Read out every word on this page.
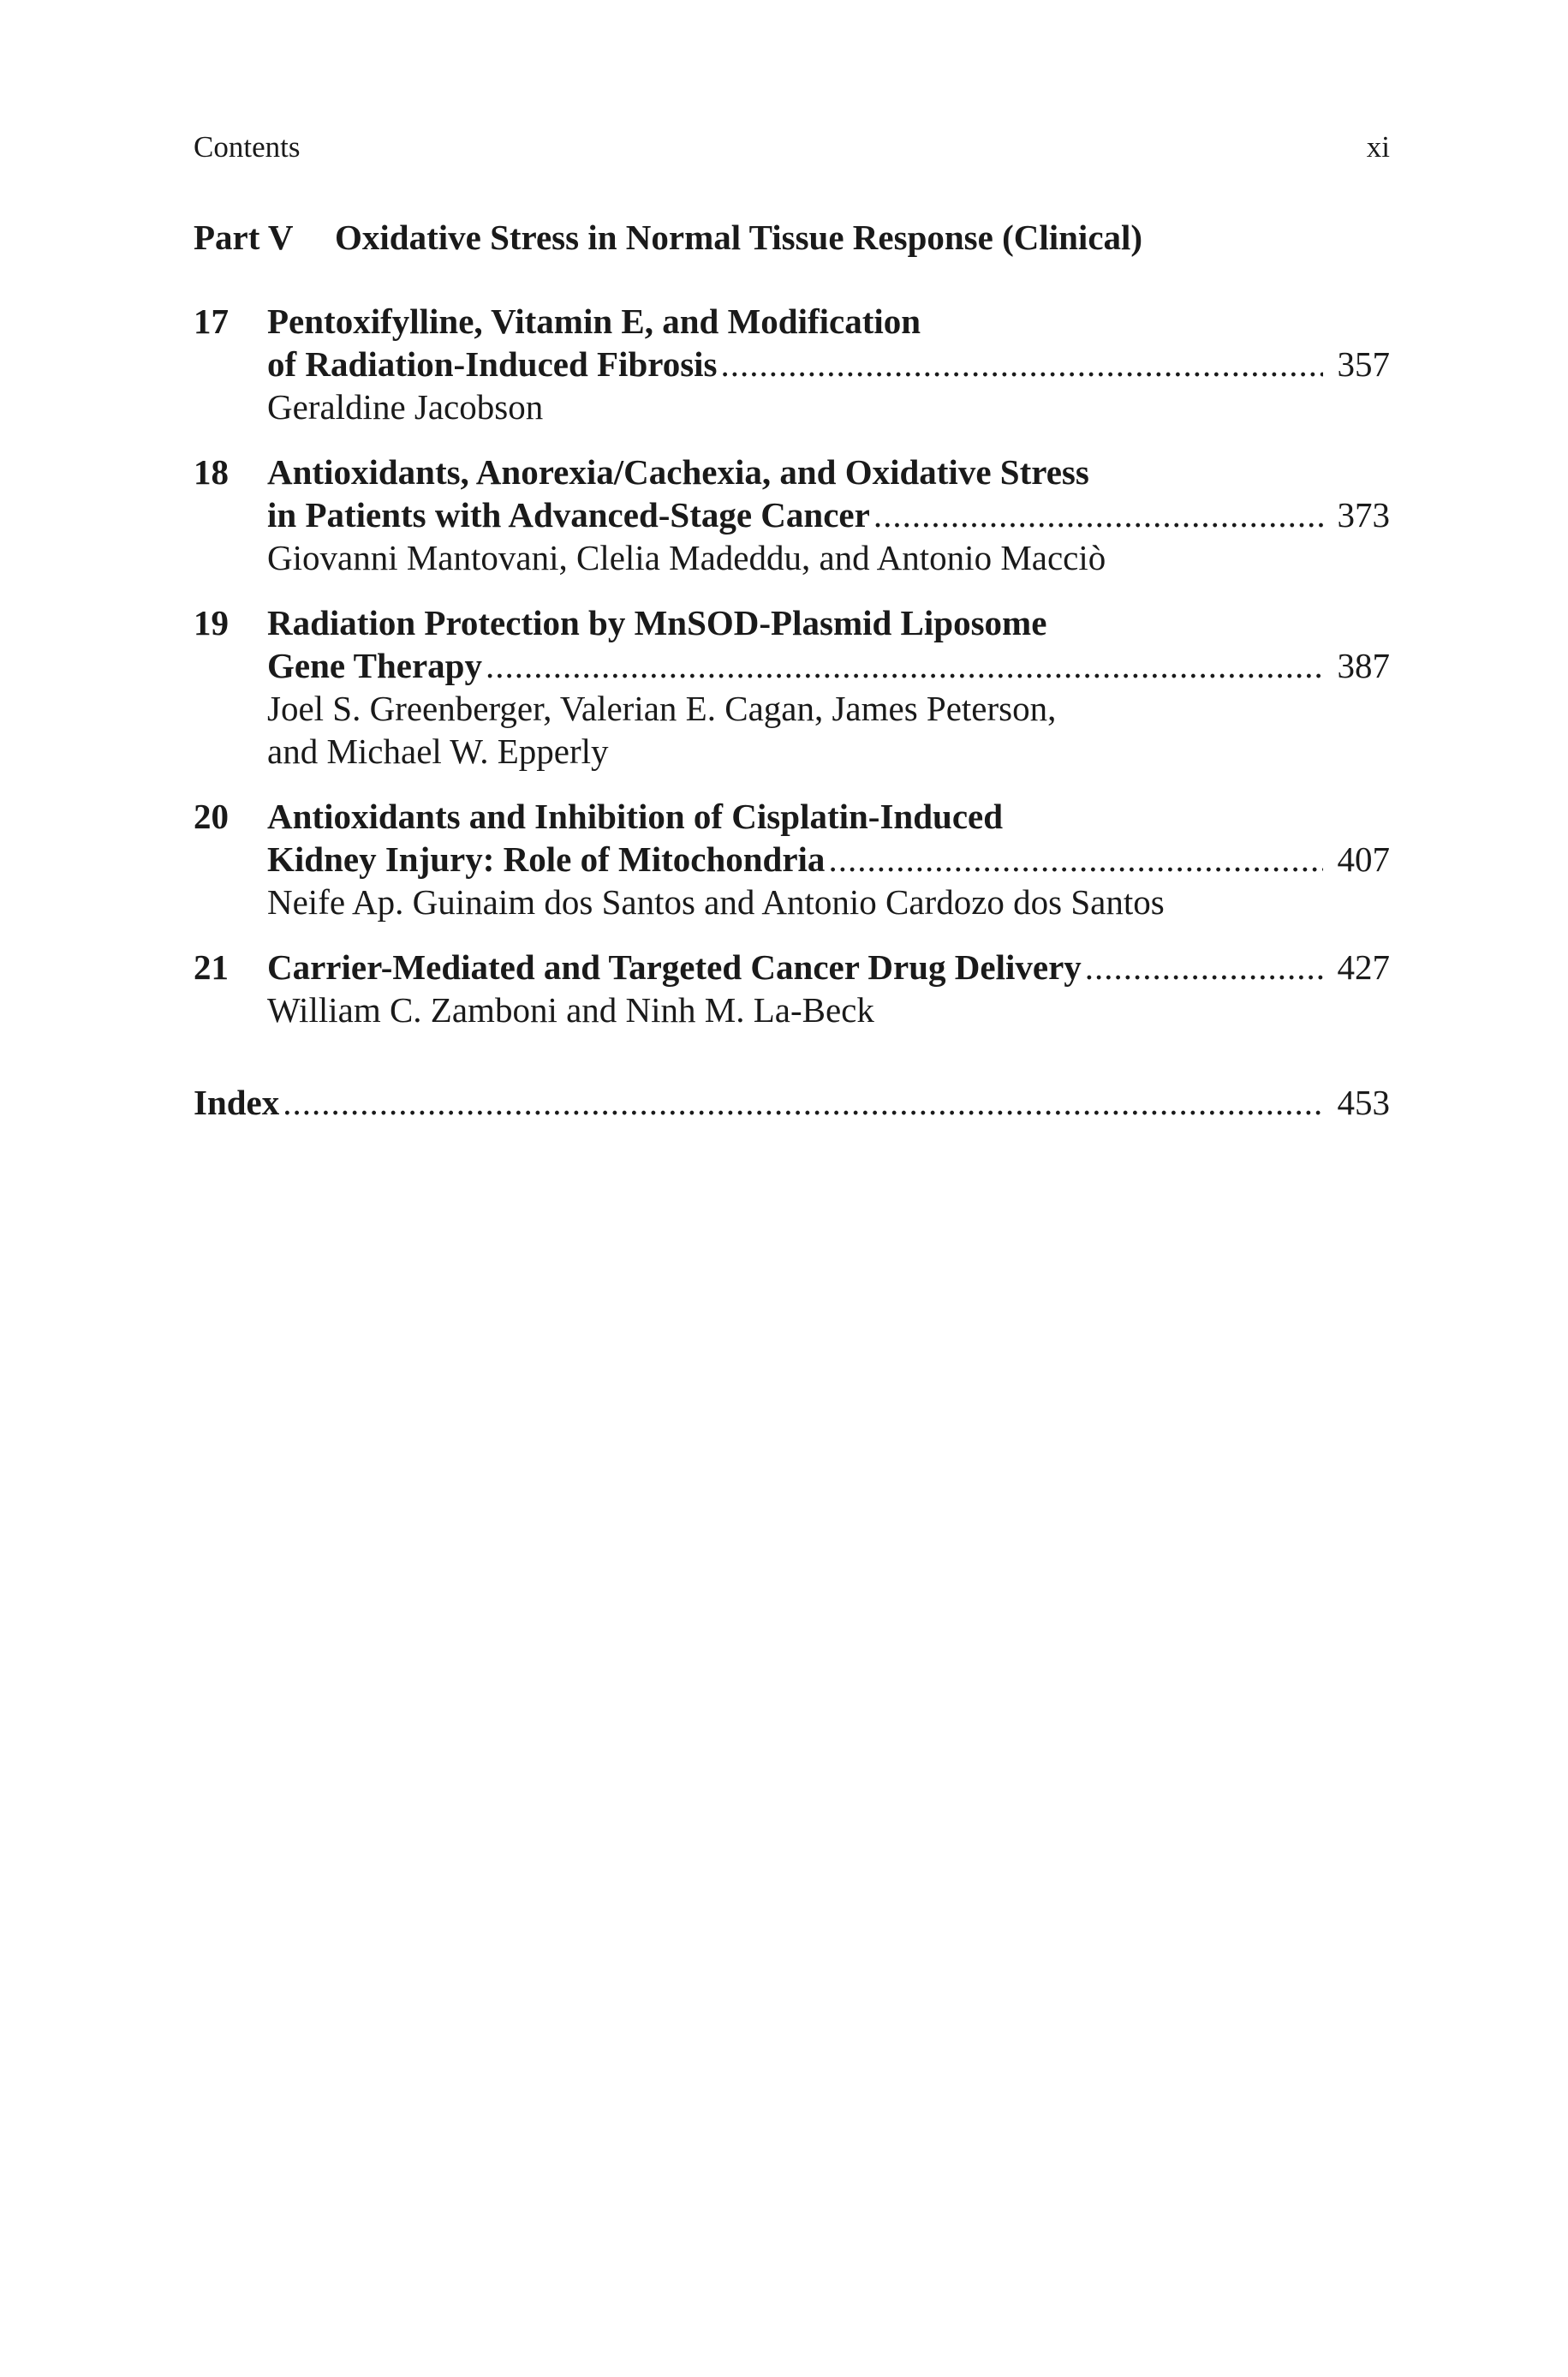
Contents	xi
Part V Oxidative Stress in Normal Tissue Response (Clinical)
17 Pentoxifylline, Vitamin E, and Modification
of Radiation-Induced Fibrosis .....	357
Geraldine Jacobson
18 Antioxidants, Anorexia/Cachexia, and Oxidative Stress
in Patients with Advanced-Stage Cancer .....	373
Giovanni Mantovani, Clelia Madeddu, and Antonio Macciò
19 Radiation Protection by MnSOD-Plasmid Liposome
Gene Therapy .....	387
Joel S. Greenberger, Valerian E. Cagan, James Peterson,
and Michael W. Epperly
20 Antioxidants and Inhibition of Cisplatin-Induced
Kidney Injury: Role of Mitochondria .....	407
Neife Ap. Guinaim dos Santos and Antonio Cardozo dos Santos
21 Carrier-Mediated and Targeted Cancer Drug Delivery .....	427
William C. Zamboni and Ninh M. La-Beck
Index .....	453
